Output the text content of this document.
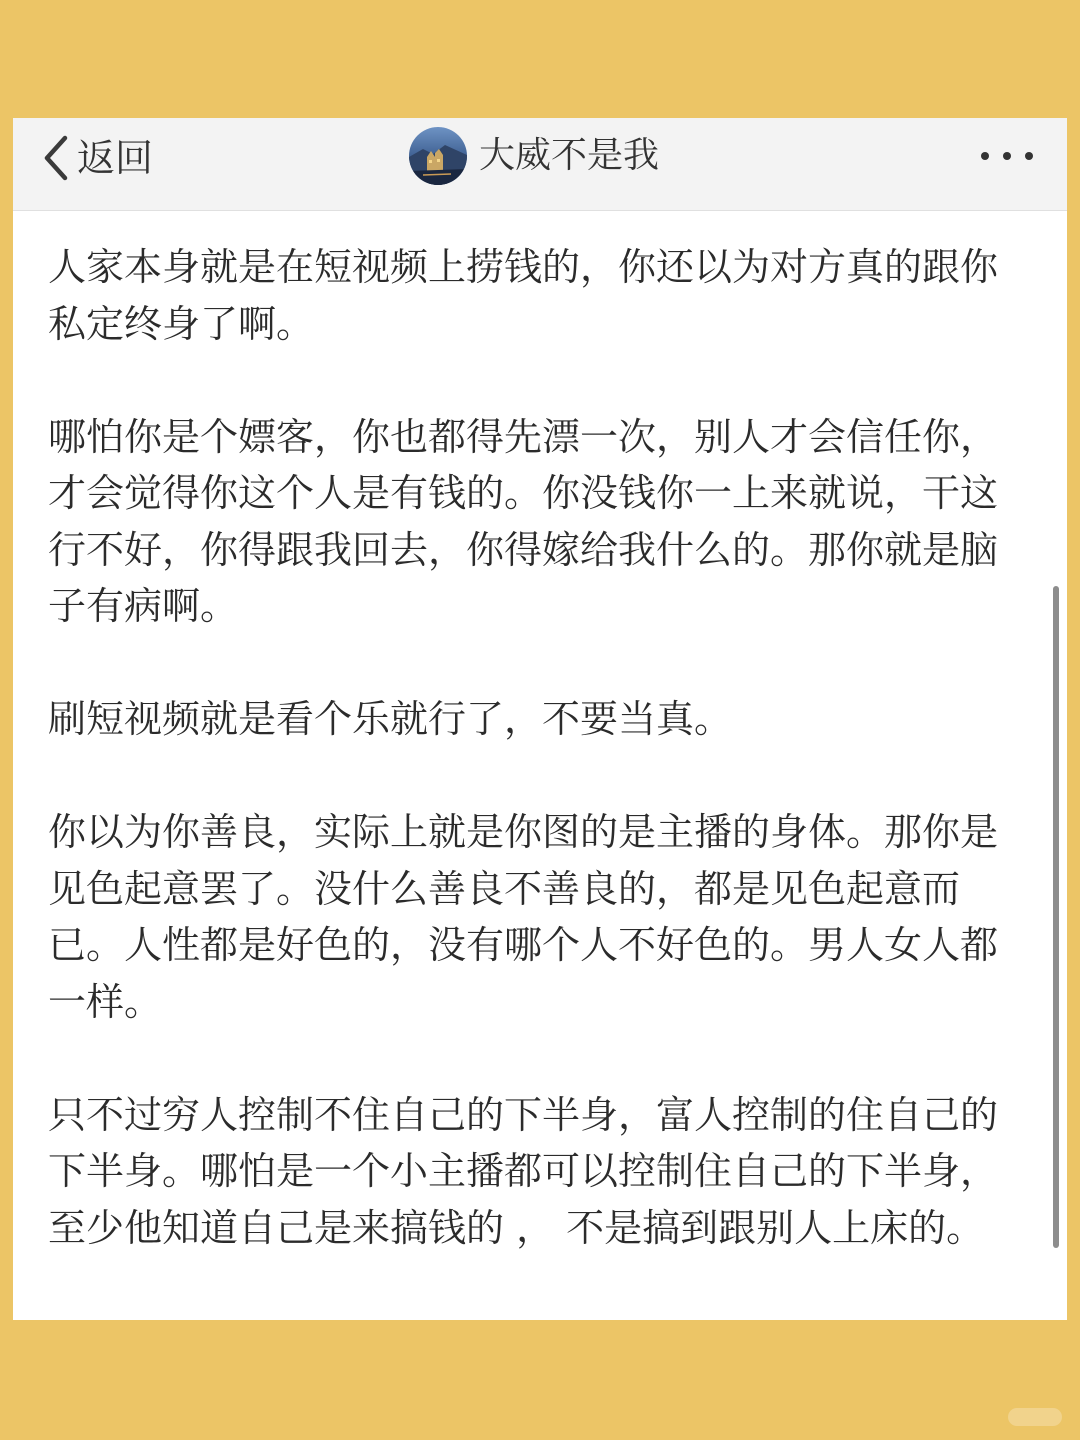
返回	大威不是我

人家本身就是在短视频上捞钱的，你还以为对方真的跟你私定终身了啊。

哪怕你是个嫖客，你也都得先漂一次，别人才会信任你，才会觉得你这个人是有钱的。你没钱你一上来就说，干这行不好，你得跟我回去，你得嫁给我什么的。那你就是脑子有病啊。

刷短视频就是看个乐就行了，不要当真。

你以为你善良，实际上就是你图的是主播的身体。那你是见色起意罢了。没什么善良不善良的，都是见色起意而已。人性都是好色的，没有哪个人不好色的。男人女人都一样。

只不过穷人控制不住自己的下半身，富人控制的住自己的下半身。哪怕是一个小主播都可以控制住自己的下半身，至少他知道自己是来搞钱的 ， 不是搞到跟别人上床的。
